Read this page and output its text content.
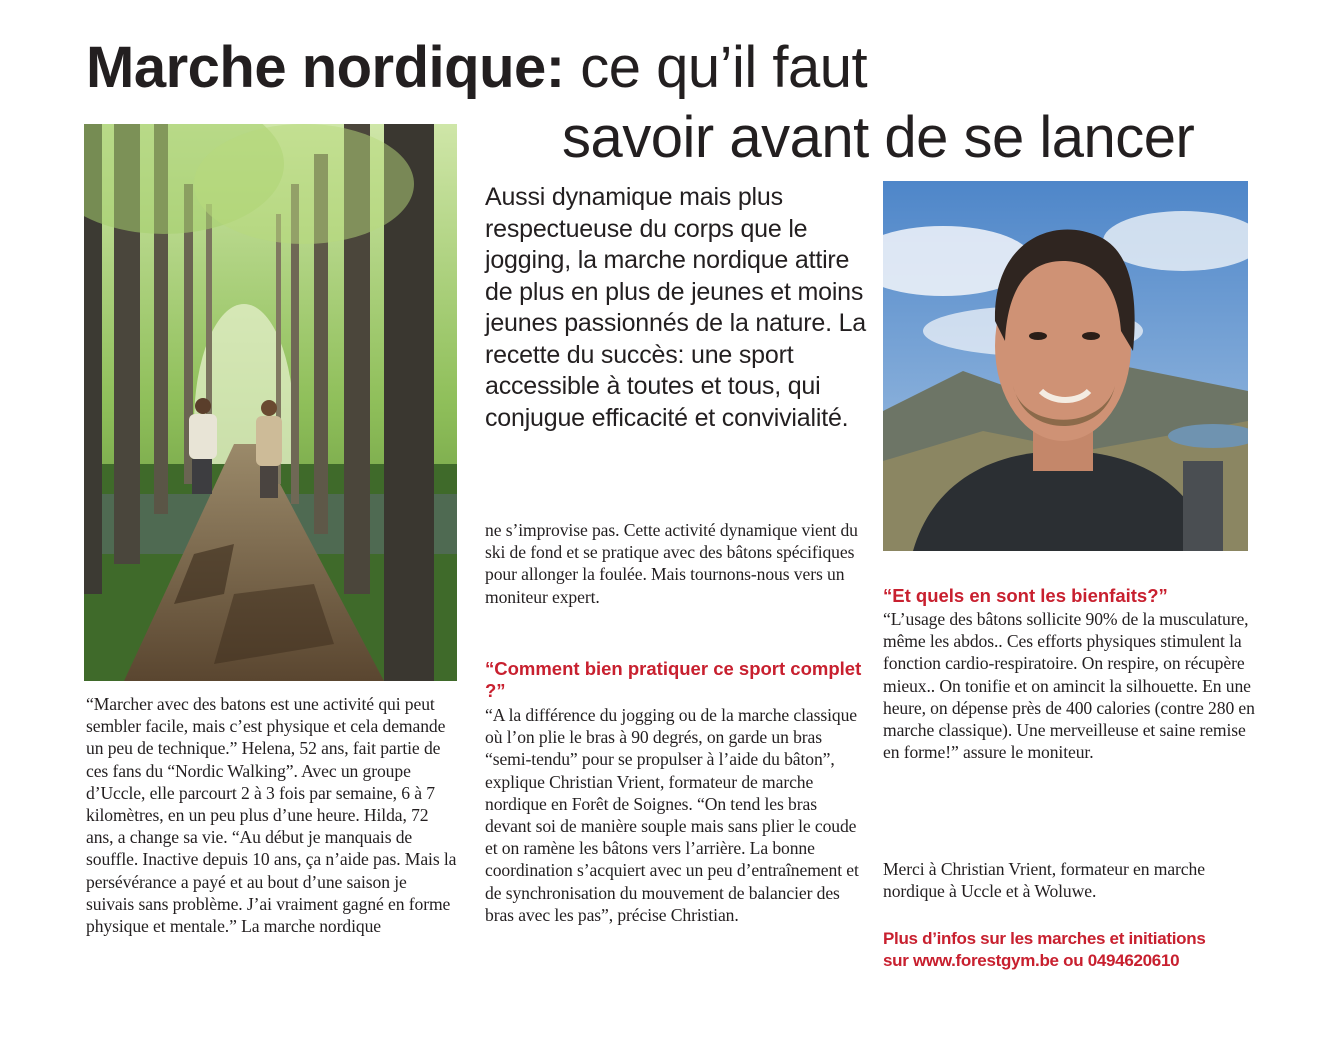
Marche nordique: ce qu’il faut
savoir avant de se lancer
Aussi dynamique mais plus respectueuse du corps que le jogging, la marche nordique attire de plus en plus de jeunes et moins jeunes passionnés de la nature. La recette du succès: une sport accessible à toutes et tous, qui conjugue efficacité et convivialité.
“Marcher avec des batons est une activité qui peut sembler facile, mais c’est physique et cela demande un peu de technique.” Helena, 52 ans, fait partie de ces fans du “Nordic Walking”. Avec un groupe d’Uccle, elle parcourt 2 à 3 fois par semaine, 6 à 7 kilomètres, en un peu plus d’une heure. Hilda, 72 ans, a change sa vie. “Au début je manquais de souffle. Inactive depuis 10 ans, ça n’aide pas. Mais la persévérance a payé et au bout d’une saison je suivais sans problème. J’ai vraiment gagné en forme physique et mentale.” La marche nordique
ne s’improvise pas. Cette activité dynamique vient du ski de fond et se pratique avec des bâtons spécifiques pour allonger la foulée. Mais tournons-nous vers un moniteur expert.
“Comment bien pratiquer ce sport complet ?”
“A la différence du jogging ou de la marche classique où l’on plie le bras à 90 degrés, on garde un bras “semi-tendu” pour se propulser à l’aide du bâton”, explique Christian Vrient, formateur de marche nordique en Forêt de Soignes. “On tend les bras devant soi de manière souple mais sans plier le coude et on ramène les bâtons vers l’arrière. La bonne coordination s’acquiert avec un peu d’entraînement et de synchronisation du mouvement de balancier des bras avec les pas”, précise Christian.
“Et quels en sont les bienfaits?”
“L’usage des bâtons sollicite 90% de la musculature, même les abdos.. Ces efforts physiques stimulent la fonction cardio-respiratoire. On respire, on récupère mieux.. On tonifie et on amincit la silhouette. En une heure, on dépense près de 400 calories (contre 280 en marche classique). Une merveilleuse et saine remise en forme!” assure le moniteur.
Merci à Christian Vrient, formateur en marche nordique à Uccle et à Woluwe.
Plus d’infos sur les marches et initiations
sur www.forestgym.be ou 0494620610
